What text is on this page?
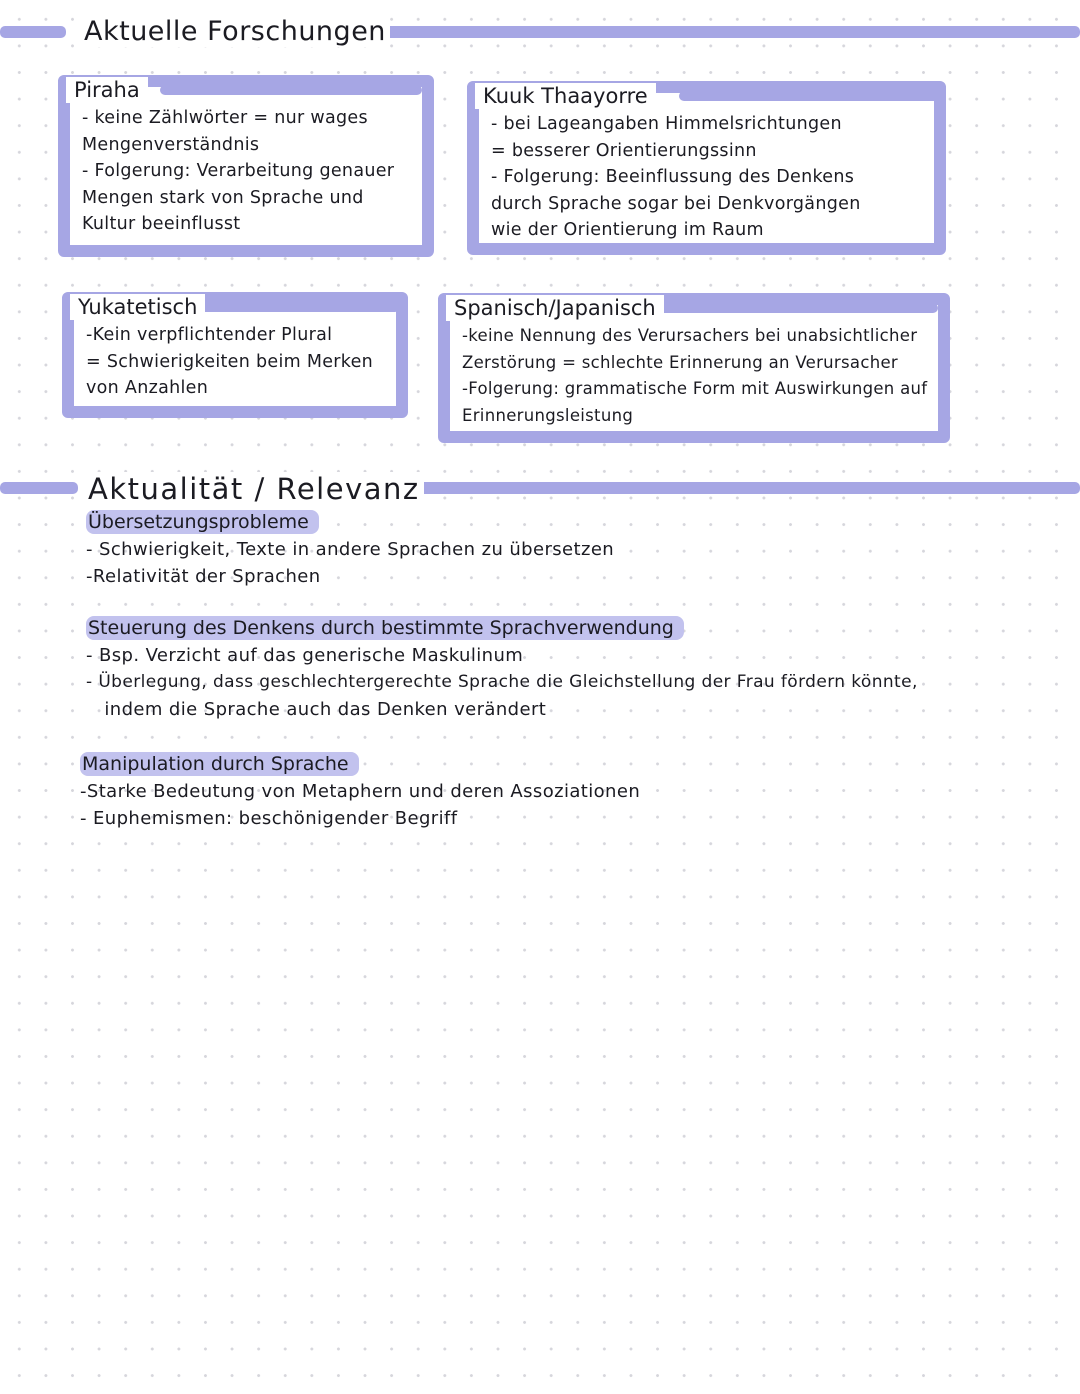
Aktuelle Forschungen
Piraha
- keine Zählwörter = nur wages
Mengenverständnis
- Folgerung: Verarbeitung genauer
Mengen stark von Sprache und
Kultur beeinflusst
Kuuk Thaayorre
- bei Lageangaben Himmelsrichtungen
= besserer Orientierungssinn
- Folgerung: Beeinflussung des Denkens
durch Sprache sogar bei Denkvorgängen
wie der Orientierung im Raum
Yukatetisch
-Kein verpflichtender Plural
= Schwierigkeiten beim Merken
von Anzahlen
Spanisch/Japanisch
-keine Nennung des Verursachers bei unabsichtlicher
Zerstörung = schlechte Erinnerung an Verursacher
-Folgerung: grammatische Form mit Auswirkungen auf
Erinnerungsleistung
Aktualität / Relevanz
Übersetzungsprobleme
- Schwierigkeit, Texte in andere Sprachen zu übersetzen
-Relativität der Sprachen
Steuerung des Denkens durch bestimmte Sprachverwendung
- Bsp. Verzicht auf das generische Maskulinum
- Überlegung, dass geschlechtergerechte Sprache die Gleichstellung der Frau fördern könnte,
indem die Sprache auch das Denken verändert
Manipulation durch Sprache
-Starke Bedeutung von Metaphern und deren Assoziationen
- Euphemismen: beschönigender Begriff
